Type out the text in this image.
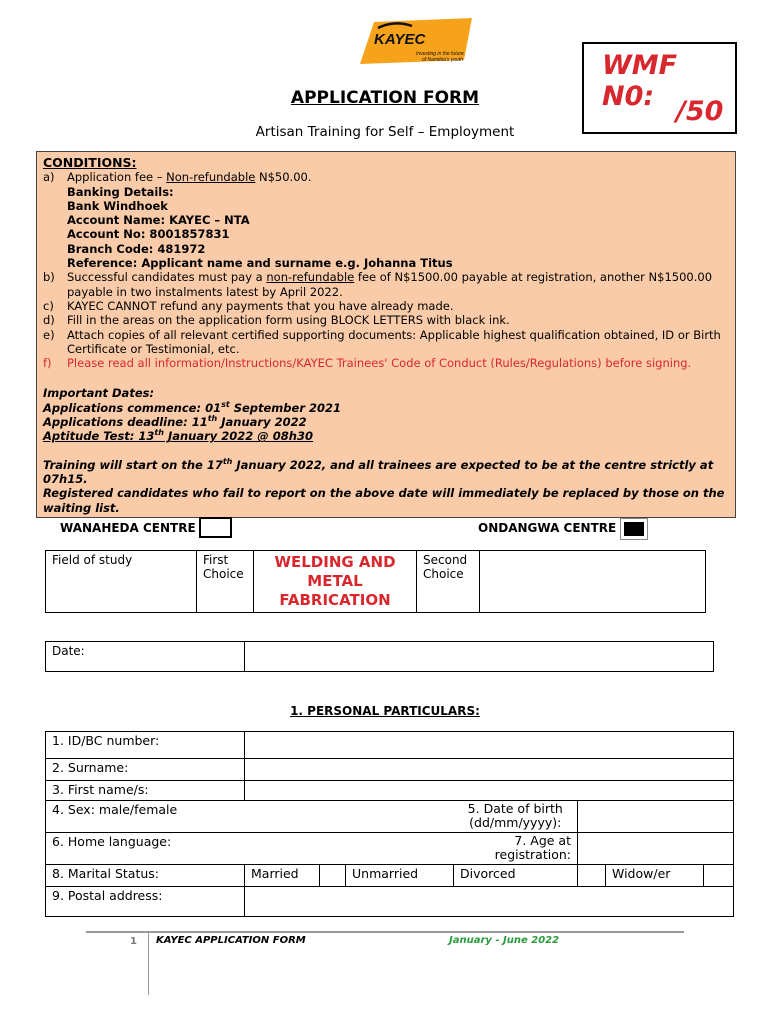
KAYEC
Investing in the future
of Namibia's youth	WMF N0: /50
APPLICATION FORM
Artisan Training for Self – Employment
CONDITIONS:
a)	Application fee – Non-refundable N$50.00.
Banking Details:
Bank Windhoek
Account Name: KAYEC – NTA
Account No: 8001857831
Branch Code: 481972
Reference: Applicant name and surname e.g. Johanna Titus
b)	Successful candidates must pay a non-refundable fee of N$1500.00 payable at registration, another N$1500.00 payable in two instalments latest by April 2022.
c)	KAYEC CANNOT refund any payments that you have already made.
d)	Fill in the areas on the application form using BLOCK LETTERS with black ink.
e)	Attach copies of all relevant certified supporting documents: Applicable highest qualification obtained, ID or Birth Certificate or Testimonial, etc.
f)	Please read all information/Instructions/KAYEC Trainees' Code of Conduct (Rules/Regulations) before signing.
Important Dates:
Applications commence: 01st September 2021
Applications deadline: 11th January 2022
Aptitude Test: 13th January 2022 @ 08h30
Training will start on the 17th January 2022, and all trainees are expected to be at the centre strictly at 07h15.
Registered candidates who fail to report on the above date will immediately be replaced by those on the waiting list.
WANAHEDA CENTRE	ONDANGWA CENTRE
Field of study	First Choice	WELDING AND METAL FABRICATION	Second Choice	
Date:	
1. PERSONAL PARTICULARS:
1. ID/BC number:							
2. Surname:							
3. First name/s:							
4. Sex: male/female				5. Date of birth (dd/mm/yyyy):			
6. Home language:				7. Age at registration:			
8. Marital Status:	Married		Unmarried	Divorced		Widow/er	
9. Postal address:							
1 KAYEC APPLICATION FORM	January - June 2022
